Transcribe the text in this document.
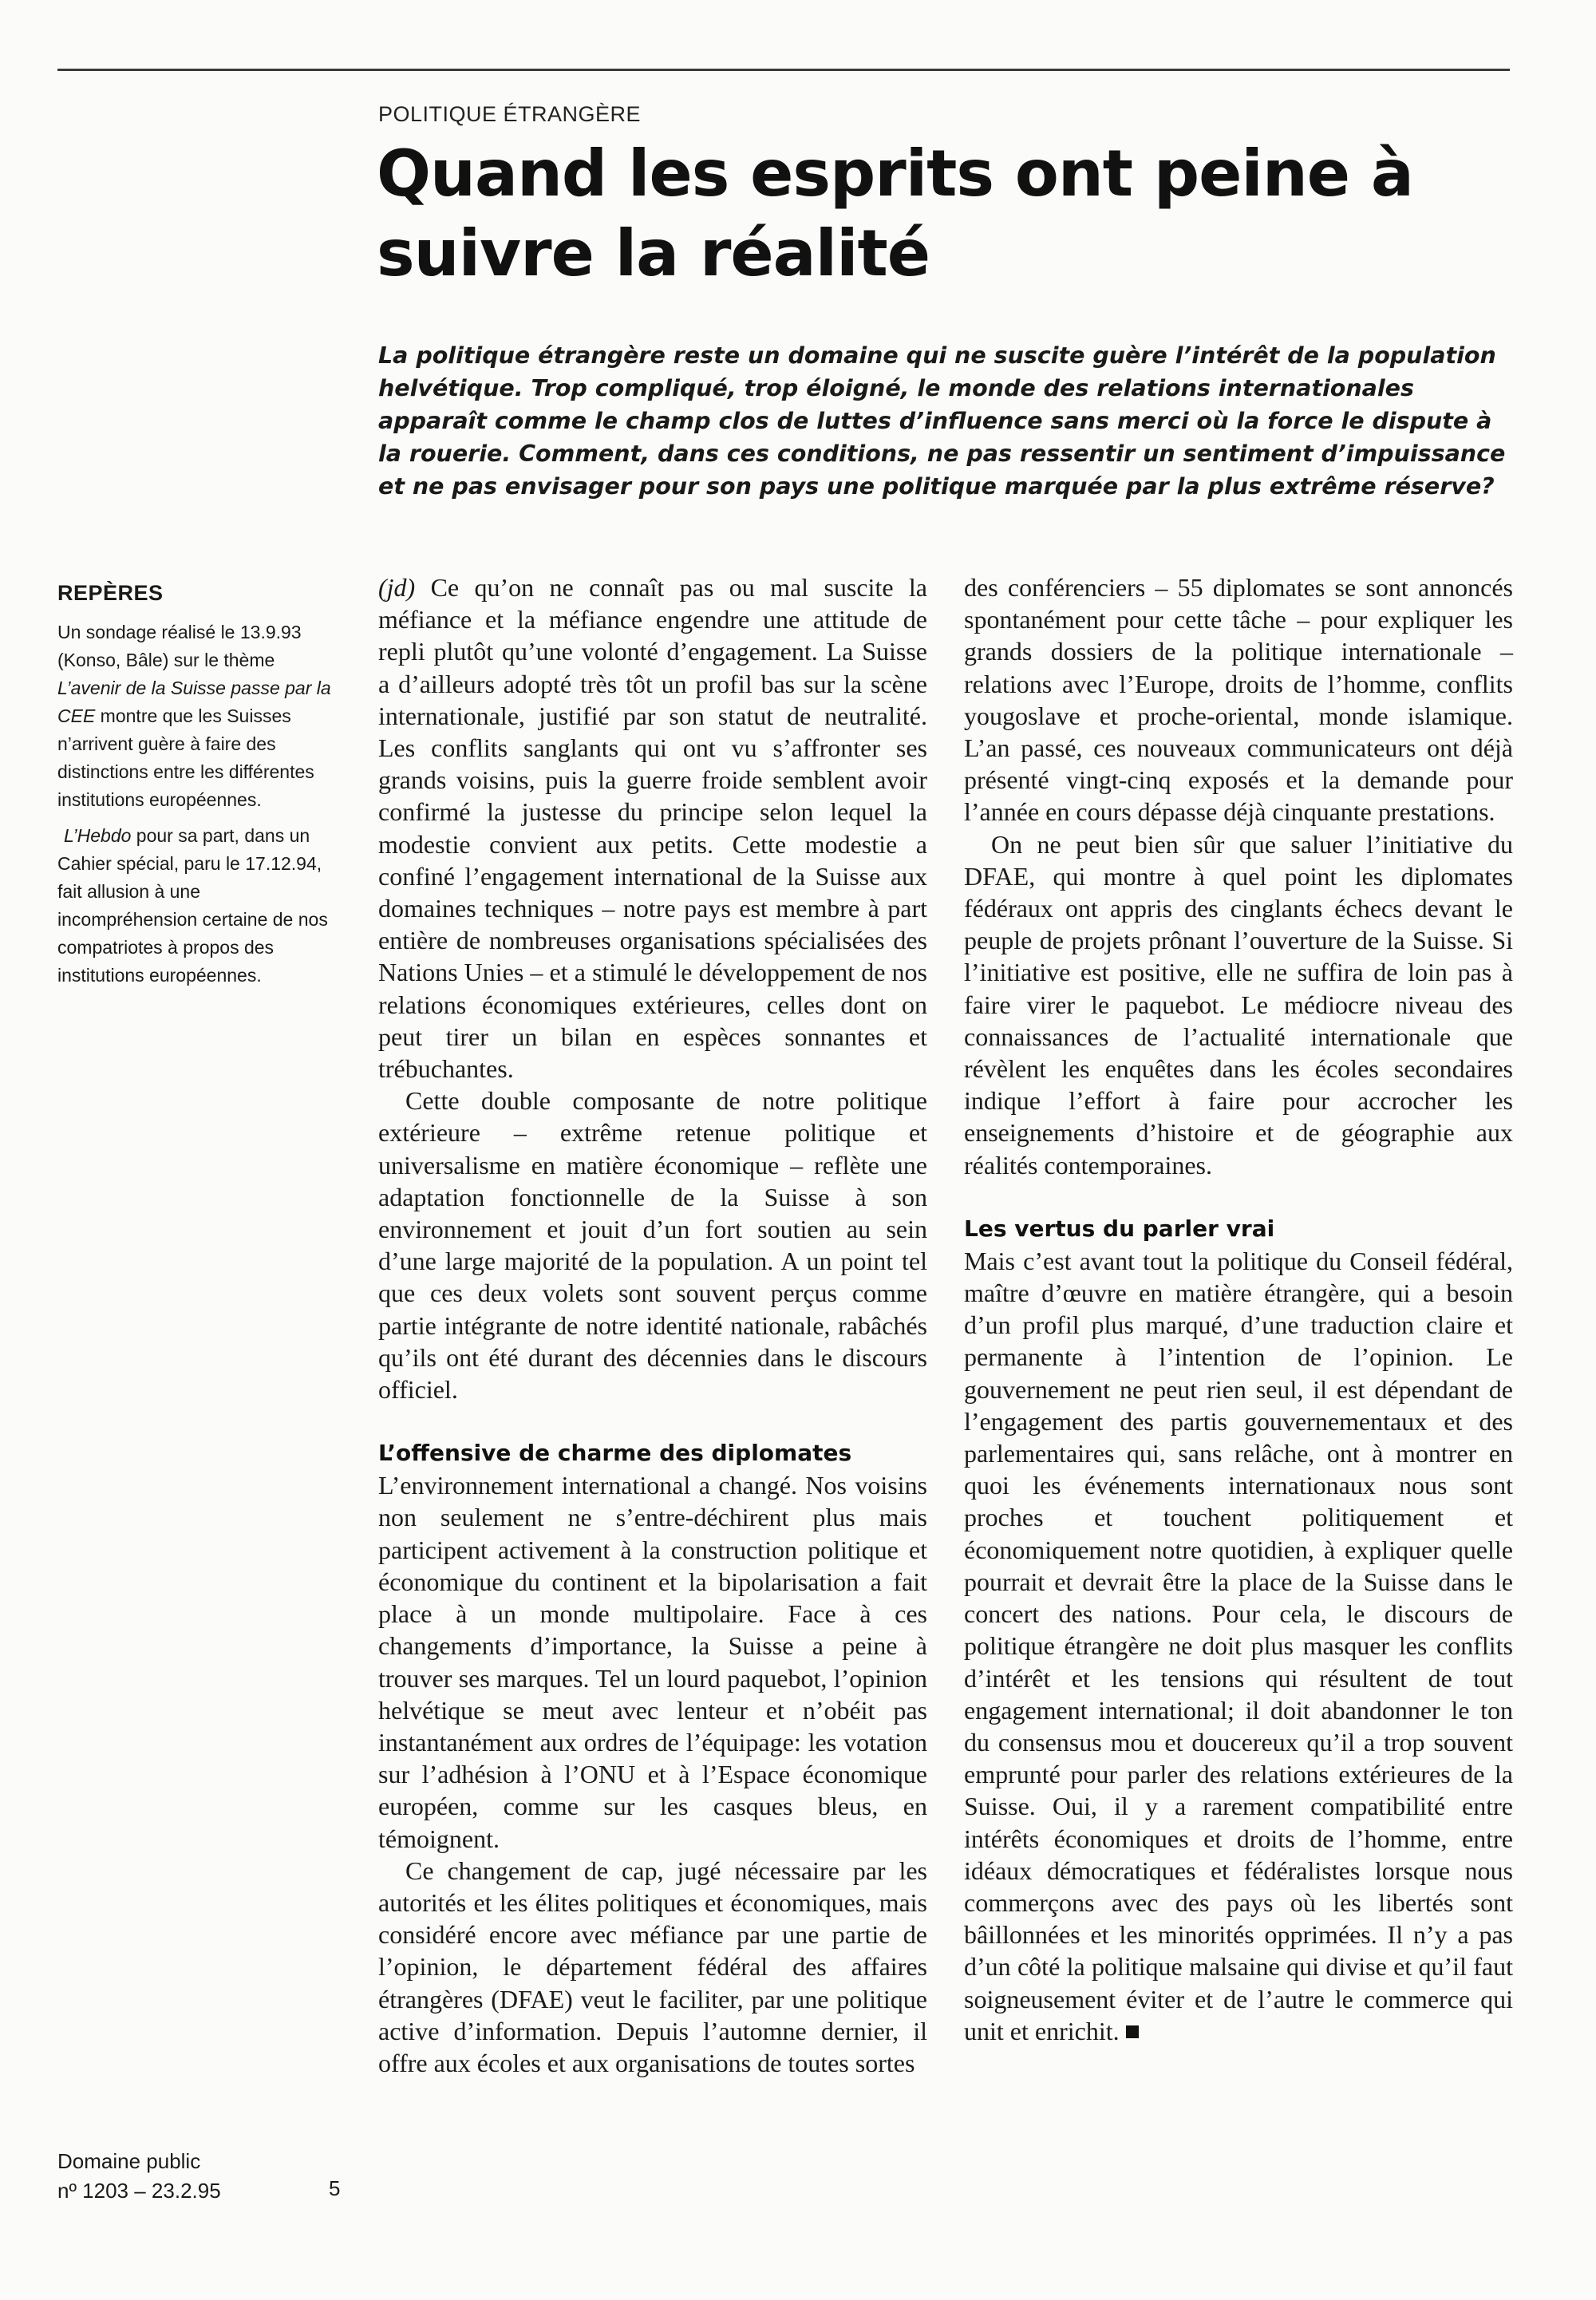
POLITIQUE ÉTRANGÈRE
Quand les esprits ont peine à
suivre la réalité

La politique étrangère reste un domaine qui ne suscite guère l’intérêt de la population helvétique. Trop compliqué, trop éloigné, le monde des relations internationales apparaît comme le champ clos de luttes d’influence sans merci où la force le dispute à la rouerie. Comment, dans ces conditions, ne pas ressentir un sentiment d’impuissance et ne pas envisager pour son pays une politique marquée par la plus extrême réserve?

REPÈRES

Un sondage réalisé le 13.9.93 (Konso, Bâle) sur le thème L’avenir de la Suisse passe par la CEE montre que les Suisses n’arrivent guère à faire des distinctions entre les différentes institutions européennes.

L’Hebdo pour sa part, dans un Cahier spécial, paru le 17.12.94, fait allusion à une incompréhension certaine de nos compatriotes à propos des institutions européennes.

(jd) Ce qu’on ne connaît pas ou mal suscite la méfiance et la méfiance engendre une attitude de repli plutôt qu’une volonté d’engagement. La Suisse a d’ailleurs adopté très tôt un profil bas sur la scène internationale, justifié par son statut de neutralité. Les conflits sanglants qui ont vu s’affronter ses grands voisins, puis la guerre froide semblent avoir confirmé la justesse du principe selon lequel la modestie convient aux petits. Cette modestie a confiné l’engagement international de la Suisse aux domaines techniques – notre pays est membre à part entière de nombreuses organisations spécialisées des Nations Unies – et a stimulé le développement de nos relations économiques extérieures, celles dont on peut tirer un bilan en espèces sonnantes et trébuchantes.

Cette double composante de notre politique extérieure – extrême retenue politique et universalisme en matière économique – reflète une adaptation fonctionnelle de la Suisse à son environnement et jouit d’un fort soutien au sein d’une large majorité de la population. A un point tel que ces deux volets sont souvent perçus comme partie intégrante de notre identité nationale, rabâchés qu’ils ont été durant des décennies dans le discours officiel.

L’offensive de charme des diplomates

L’environnement international a changé. Nos voisins non seulement ne s’entre-déchirent plus mais participent activement à la construction politique et économique du continent et la bipolarisation a fait place à un monde multipolaire. Face à ces changements d’importance, la Suisse a peine à trouver ses marques. Tel un lourd paquebot, l’opinion helvétique se meut avec lenteur et n’obéit pas instantanément aux ordres de l’équipage: les votation sur l’adhésion à l’ONU et à l’Espace économique européen, comme sur les casques bleus, en témoignent.

Ce changement de cap, jugé nécessaire par les autorités et les élites politiques et économiques, mais considéré encore avec méfiance par une partie de l’opinion, le département fédéral des affaires étrangères (DFAE) veut le faciliter, par une politique active d’information. Depuis l’automne dernier, il offre aux écoles et aux organisations de toutes sortes

des conférenciers – 55 diplomates se sont annoncés spontanément pour cette tâche – pour expliquer les grands dossiers de la politique internationale – relations avec l’Europe, droits de l’homme, conflits yougoslave et proche-oriental, monde islamique. L’an passé, ces nouveaux communicateurs ont déjà présenté vingt-cinq exposés et la demande pour l’année en cours dépasse déjà cinquante prestations.

On ne peut bien sûr que saluer l’initiative du DFAE, qui montre à quel point les diplomates fédéraux ont appris des cinglants échecs devant le peuple de projets prônant l’ouverture de la Suisse. Si l’initiative est positive, elle ne suffira de loin pas à faire virer le paquebot. Le médiocre niveau des connaissances de l’actualité internationale que révèlent les enquêtes dans les écoles secondaires indique l’effort à faire pour accrocher les enseignements d’histoire et de géographie aux réalités contemporaines.

Les vertus du parler vrai

Mais c’est avant tout la politique du Conseil fédéral, maître d’œuvre en matière étrangère, qui a besoin d’un profil plus marqué, d’une traduction claire et permanente à l’intention de l’opinion. Le gouvernement ne peut rien seul, il est dépendant de l’engagement des partis gouvernementaux et des parlementaires qui, sans relâche, ont à montrer en quoi les événements internationaux nous sont proches et touchent politiquement et économiquement notre quotidien, à expliquer quelle pourrait et devrait être la place de la Suisse dans le concert des nations. Pour cela, le discours de politique étrangère ne doit plus masquer les conflits d’intérêt et les tensions qui résultent de tout engagement international; il doit abandonner le ton du consensus mou et doucereux qu’il a trop souvent emprunté pour parler des relations extérieures de la Suisse. Oui, il y a rarement compatibilité entre intérêts économiques et droits de l’homme, entre idéaux démocratiques et fédéralistes lorsque nous commerçons avec des pays où les libertés sont bâillonnées et les minorités opprimées. Il n’y a pas d’un côté la politique malsaine qui divise et qu’il faut soigneusement éviter et de l’autre le commerce qui unit et enrichit.

Domaine public
nº 1203 – 23.2.95	5
